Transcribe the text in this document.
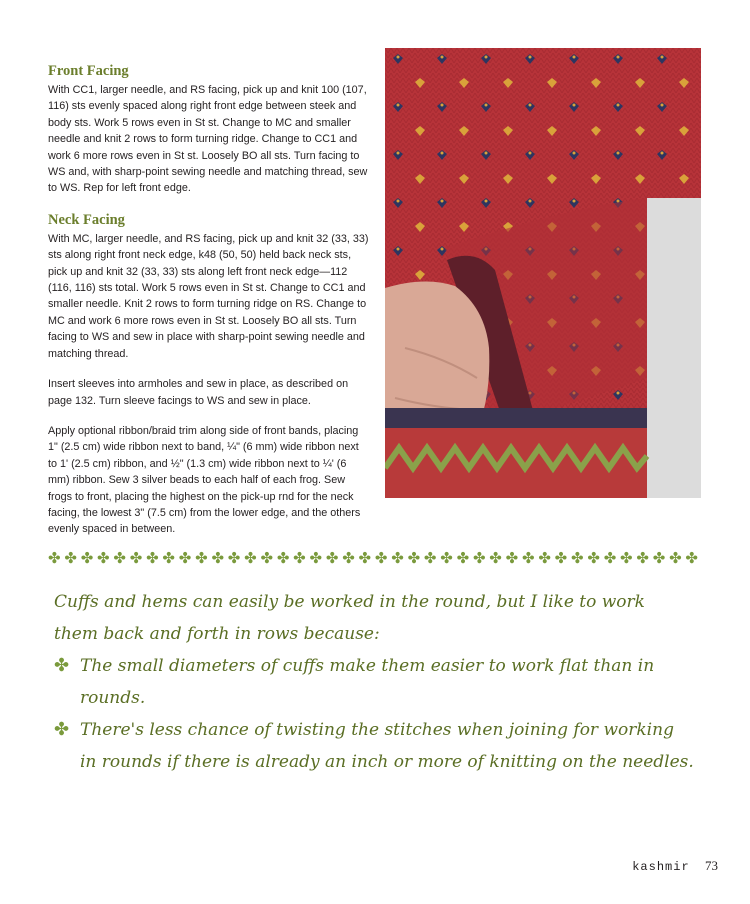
Front Facing

With CC1, larger needle, and RS facing, pick up and knit 100 (107, 116) sts evenly spaced along right front edge between steek and body sts. Work 5 rows even in St st. Change to MC and smaller needle and knit 2 rows to form turning ridge. Change to CC1 and work 6 more rows even in St st. Loosely BO all sts. Turn facing to WS and, with sharp-point sewing needle and matching thread, sew to WS. Rep for left front edge.

Neck Facing

With MC, larger needle, and RS facing, pick up and knit 32 (33, 33) sts along right front neck edge, k48 (50, 50) held back neck sts, pick up and knit 32 (33, 33) sts along left front neck edge—112 (116, 116) sts total. Work 5 rows even in St st. Change to CC1 and smaller needle. Knit 2 rows to form turning ridge on RS. Change to MC and work 6 more rows even in St st. Loosely BO all sts. Turn facing to WS and sew in place with sharp-point sewing needle and matching thread.

Insert sleeves into armholes and sew in place, as described on page 132. Turn sleeve facings to WS and sew in place.

Apply optional ribbon/braid trim along side of front bands, placing 1" (2.5 cm) wide ribbon next to band, ¼" (6 mm) wide ribbon next to 1' (2.5 cm) ribbon, and ½" (1.3 cm) wide ribbon next to ¼' (6 mm) ribbon. Sew 3 silver beads to each half of each frog. Sew frogs to front, placing the highest on the pick-up rnd for the neck facing, the lowest 3" (7.5 cm) from the lower edge, and the others evenly spaced in between.

✤ ✤ ✤ ✤ ✤ ✤ ✤ ✤ ✤ ✤ ✤ ✤ ✤ ✤ ✤ ✤ ✤ ✤ ✤ ✤ ✤ ✤ ✤ ✤ ✤ ✤ ✤ ✤ ✤ ✤ ✤ ✤ ✤ ✤ ✤ ✤ ✤ ✤ ✤ ✤

Cuffs and hems can easily be worked in the round, but I like to work them back and forth in rows because:

✤ The small diameters of cuffs make them easier to work flat than in rounds.

✤ There's less chance of twisting the stitches when joining for working in rounds if there is already an inch or more of knitting on the needles.

kashmir 73
